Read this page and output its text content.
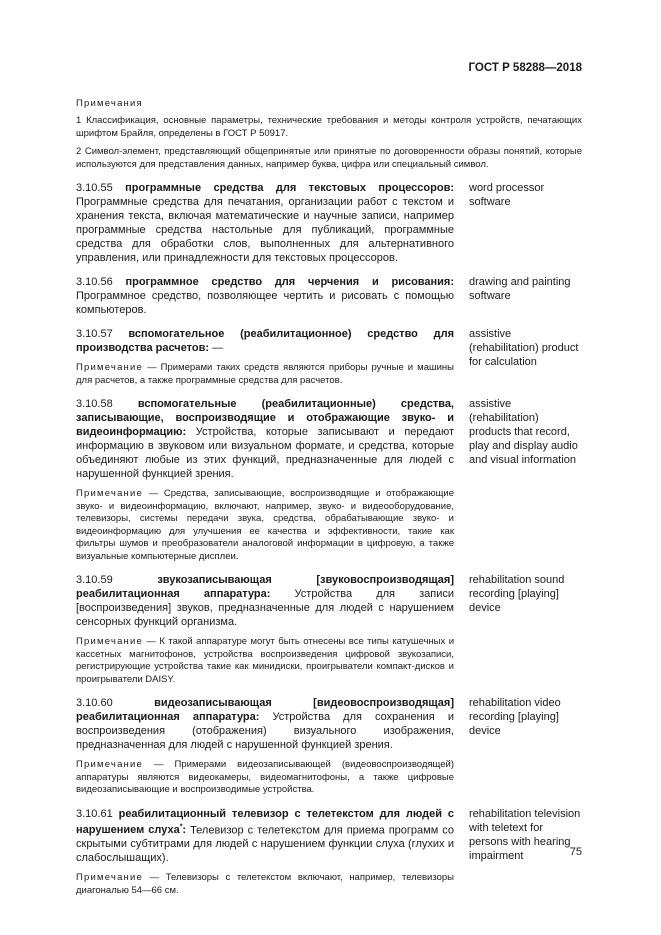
ГОСТ Р 58288—2018
Примечания
1 Классификация, основные параметры, технические требования и методы контроля устройств, печатающих шрифтом Брайля, определены в ГОСТ Р 50917.
2 Символ-элемент, представляющий общепринятые или принятые по договоренности образы понятий, которые используются для представления данных, например буква, цифра или специальный символ.
3.10.55 программные средства для текстовых процессоров: Программные средства для печатания, организации работ с текстом и хранения текста, включая математические и научные записи, например программные средства настольные для публикаций, программные средства для обработки слов, выполненных для альтернативного управления, или принадлежности для текстовых процессоров.
word processor software
3.10.56 программное средство для черчения и рисования: Программное средство, позволяющее чертить и рисовать с помощью компьютеров.
drawing and painting software
3.10.57 вспомогательное (реабилитационное) средство для производства расчетов: —
Примечание — Примерами таких средств являются приборы ручные и машины для расчетов, а также программные средства для расчетов.
assistive (rehabilitation) product for calculation
3.10.58 вспомогательные (реабилитационные) средства, записывающие, воспроизводящие и отображающие звуко- и видеоинформацию: Устройства, которые записывают и передают информацию в звуковом или визуальном формате, и средства, которые объединяют любые из этих функций, предназначенные для людей с нарушенной функцией зрения.
Примечание — Средства, записывающие, воспроизводящие и отображающие звуко- и видеоинформацию, включают, например, звуко- и видеооборудование, телевизоры, системы передачи звука, средства, обрабатывающие звуко- и видеоинформацию для улучшения ее качества и эффективности, такие как фильтры шумов и преобразователи аналоговой информации в цифровую, а также визуальные компьютерные дисплеи.
assistive (rehabilitation) products that record, play and display audio and visual information
3.10.59	звукозаписывающая [звуковоспроизводящая] реабилитационная аппаратура: Устройства для записи [воспроизведения] звуков, предназначенные для людей с нарушением сенсорных функций организма.
Примечание — К такой аппаратуре могут быть отнесены все типы катушечных и кассетных магнитофонов, устройства воспроизведения цифровой звукозаписи, регистрирующие устройства такие как минидиски, проигрыватели компакт-дисков и проигрыватели DAISY.
rehabilitation sound recording [playing] device
3.10.60	видеозаписывающая [видеовоспроизводящая] реабилитационная аппаратура: Устройства для сохранения и воспроизведения (отображения) визуального изображения, предназначенная для людей с нарушенной функцией зрения.
Примечание — Примерами видеозаписывающей (видеовоспроизводящей) аппаратуры являются видеокамеры, видеомагнитофоны, а также цифровые видеозаписывающие и воспроизводимые устройства.
rehabilitation video recording [playing] device
3.10.61 реабилитационный телевизор с телетекстом для людей с нарушением слуха*: Телевизор с телетекстом для приема программ со скрытыми субтитрами для людей с нарушением функции слуха (глухих и слабослышащих).
Примечание — Телевизоры с телетекстом включают, например, телевизоры диагональю 54—66 см.
rehabilitation television with teletext for persons with hearing impairment	75
